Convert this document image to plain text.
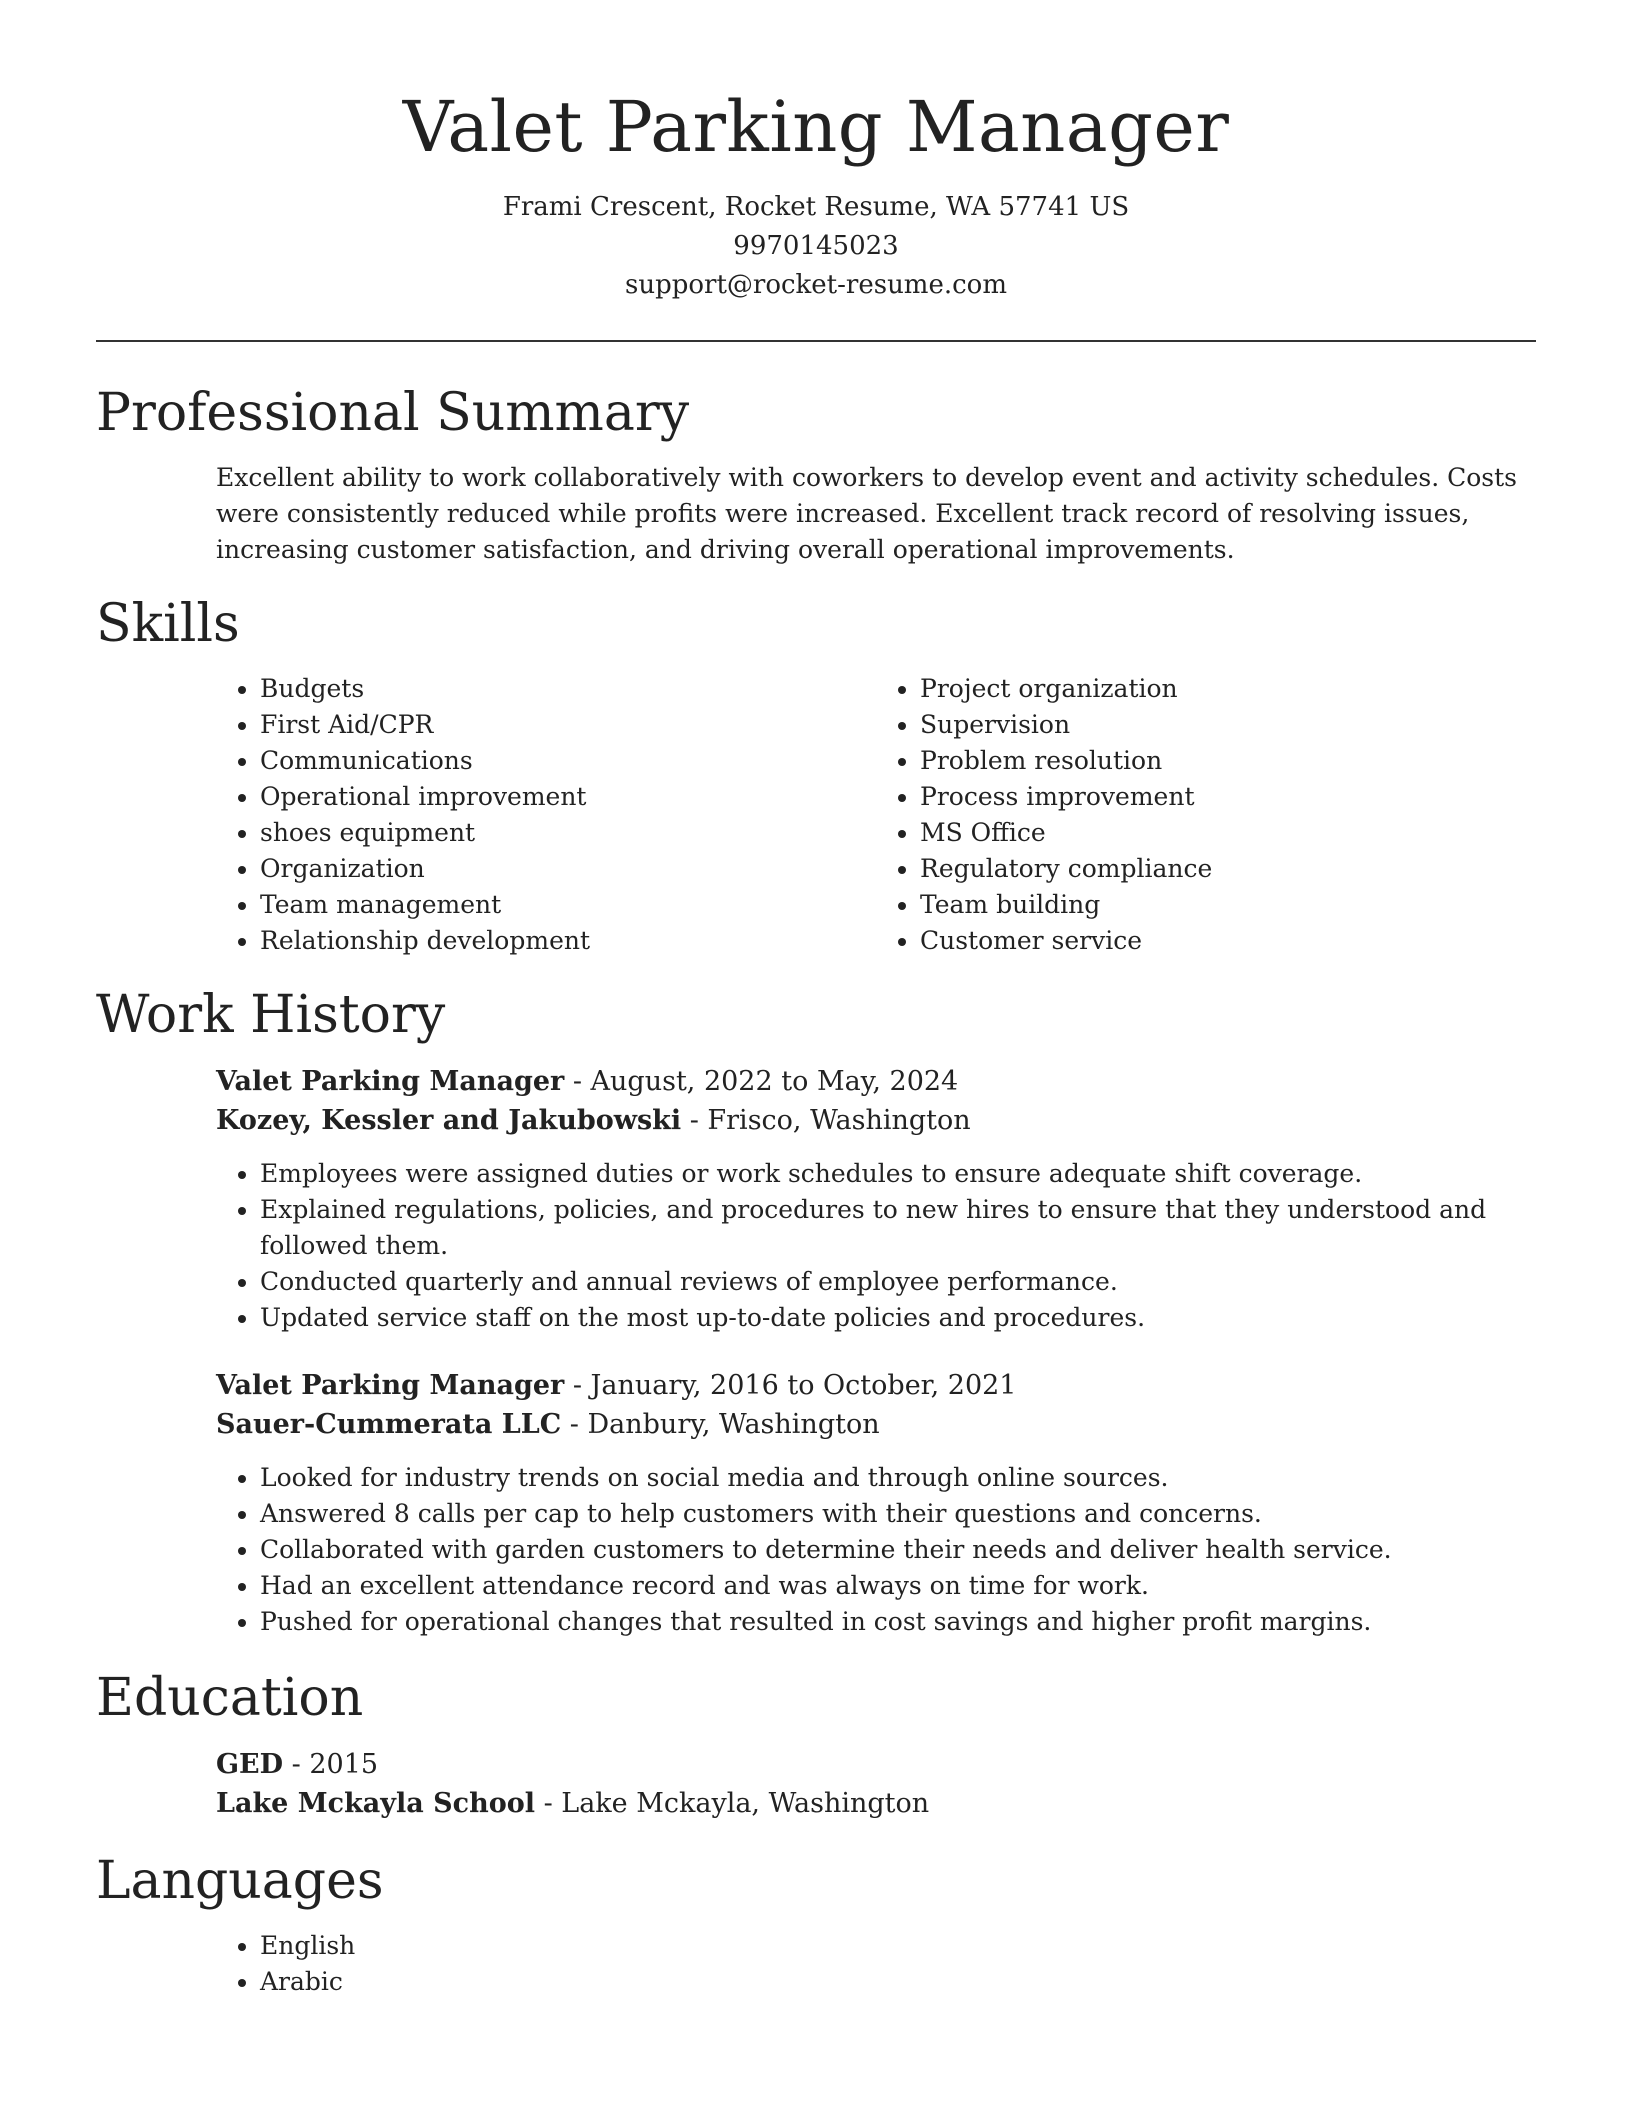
Valet Parking Manager
Frami Crescent, Rocket Resume, WA 57741 US
9970145023
support@rocket-resume.com
Professional Summary
Excellent ability to work collaboratively with coworkers to develop event and activity schedules. Costs were consistently reduced while profits were increased. Excellent track record of resolving issues, increasing customer satisfaction, and driving overall operational improvements.
Skills
• Budgets
• First Aid/CPR
• Communications
• Operational improvement
• shoes equipment
• Organization
• Team management
• Relationship development
• Project organization
• Supervision
• Problem resolution
• Process improvement
• MS Office
• Regulatory compliance
• Team building
• Customer service
Work History
Valet Parking Manager - August, 2022 to May, 2024
Kozey, Kessler and Jakubowski - Frisco, Washington
• Employees were assigned duties or work schedules to ensure adequate shift coverage.
• Explained regulations, policies, and procedures to new hires to ensure that they understood and followed them.
• Conducted quarterly and annual reviews of employee performance.
• Updated service staff on the most up-to-date policies and procedures.
Valet Parking Manager - January, 2016 to October, 2021
Sauer-Cummerata LLC - Danbury, Washington
• Looked for industry trends on social media and through online sources.
• Answered 8 calls per cap to help customers with their questions and concerns.
• Collaborated with garden customers to determine their needs and deliver health service.
• Had an excellent attendance record and was always on time for work.
• Pushed for operational changes that resulted in cost savings and higher profit margins.
Education
GED - 2015
Lake Mckayla School - Lake Mckayla, Washington
Languages
• English
• Arabic
